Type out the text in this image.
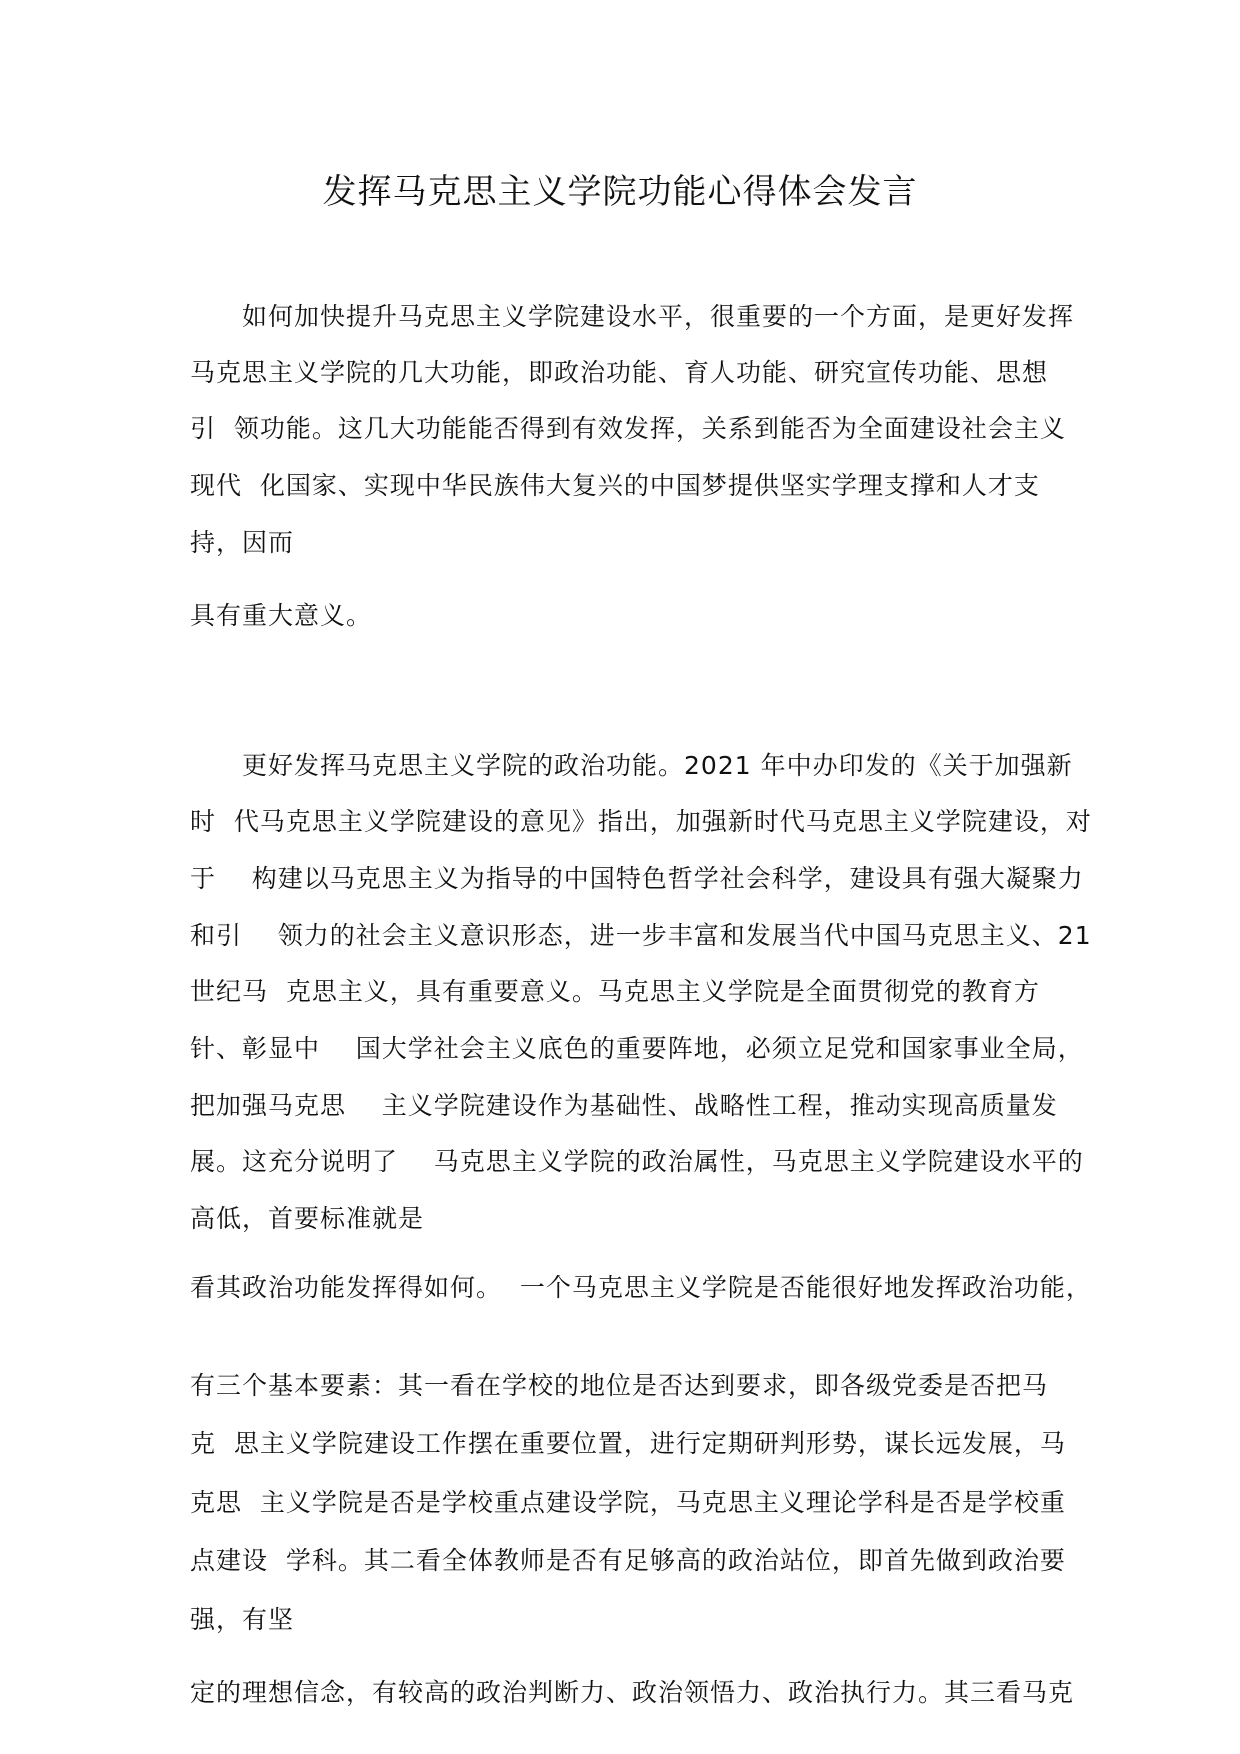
发挥马克思主义学院功能心得体会发言
　　如何加快提升马克思主义学院建设水平，很重要的一个方面，是更好发挥
马克思主义学院的几大功能，即政治功能、育人功能、研究宣传功能、思想
引  领功能。这几大功能能否得到有效发挥，关系到能否为全面建设社会主义
现代  化国家、实现中华民族伟大复兴的中国梦提供坚实学理支撑和人才支
持，因而
具有重大意义。
　　更好发挥马克思主义学院的政治功能。2021 年中办印发的《关于加强新
时  代马克思主义学院建设的意见》指出，加强新时代马克思主义学院建设，对
于    构建以马克思主义为指导的中国特色哲学社会科学，建设具有强大凝聚力
和引    领力的社会主义意识形态，进一步丰富和发展当代中国马克思主义、21
世纪马  克思主义，具有重要意义。马克思主义学院是全面贯彻党的教育方
针、彰显中    国大学社会主义底色的重要阵地，必须立足党和国家事业全局，
把加强马克思    主义学院建设作为基础性、战略性工程，推动实现高质量发
展。这充分说明了    马克思主义学院的政治属性，马克思主义学院建设水平的
高低，首要标准就是
看其政治功能发挥得如何。  一个马克思主义学院是否能很好地发挥政治功能，
有三个基本要素：其一看在学校的地位是否达到要求，即各级党委是否把马
克  思主义学院建设工作摆在重要位置，进行定期研判形势，谋长远发展，马
克思  主义学院是否是学校重点建设学院，马克思主义理论学科是否是学校重
点建设  学科。其二看全体教师是否有足够高的政治站位，即首先做到政治要
强，有坚
定的理想信念，有较高的政治判断力、政治领悟力、政治执行力。其三看马克
